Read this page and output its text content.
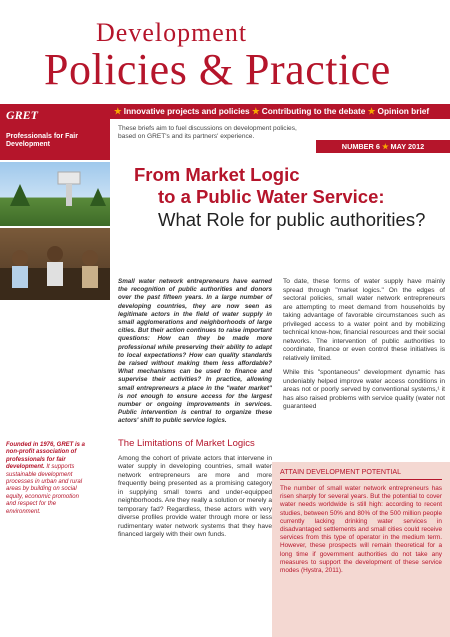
Development
Policies & Practice
GRET
Professionals for Fair Development
★ Innovative projects and policies ★ Contributing to the debate ★ Opinion brief
These briefs aim to fuel discussions on development policies, based on GRET's and its partners' experience.
NUMBER 6 ★ MAY 2012
From Market Logic
to a Public Water Service:
What Role for public authorities?
Founded in 1976, GRET is a non-profit association of professionals for fair development. It supports sustainable development processes in urban and rural areas by building on social equity, economic promotion and respect for the environment.

Small water network entrepreneurs have earned the recognition of public authorities and donors over the past fifteen years. In a large number of developing countries, they are now seen as legitimate actors in the field of water supply in small agglomerations and neighborhoods of large cities. But their action continues to raise important questions: How can they be made more professional while preserving their ability to adapt to local expectations? How can quality standards be raised without making them less affordable? What mechanisms can be used to finance and supervise their activities? In practice, allowing small entrepreneurs a place in the "water market" is not enough to ensure access for the largest number or ongoing improvements in services. Public intervention is central to organize these actors' shift to public service logics.

The Limitations of Market Logics

Among the cohort of private actors that intervene in water supply in developing countries, small water network entrepreneurs are more and more frequently being presented as a promising category in supplying small towns and under-equipped neighborhoods. Are they really a solution or merely a temporary fad? Regardless, these actors with very diverse profiles provide water through more or less rudimentary water network systems that they have financed largely with their own funds.

To date, these forms of water supply have mainly spread through "market logics." On the edges of sectoral policies, small water network entrepreneurs are attempting to meet demand from households by taking advantage of favorable circumstances such as privileged access to a water point and by mobilizing technical know-how, financial resources and their social networks. The intervention of public authorities to coordinate, finance or even control these initiatives is relatively limited.

While this "spontaneous" development dynamic has undeniably helped improve water access conditions in areas not or poorly served by conventional systems,¹ it has also raised problems with service quality (water not guaranteed

ATTAIN DEVELOPMENT POTENTIAL

The number of small water network entrepreneurs has risen sharply for several years. But the potential to cover water needs worldwide is still high: according to recent studies, between 50% and 80% of the 500 million people currently lacking drinking water services in disadvantaged settlements and small cities could receive services from this type of operator in the medium term. However, these prospects will remain theoretical for a long time if government authorities do not take any measures to support the development of these service modes (Hystra, 2011).
